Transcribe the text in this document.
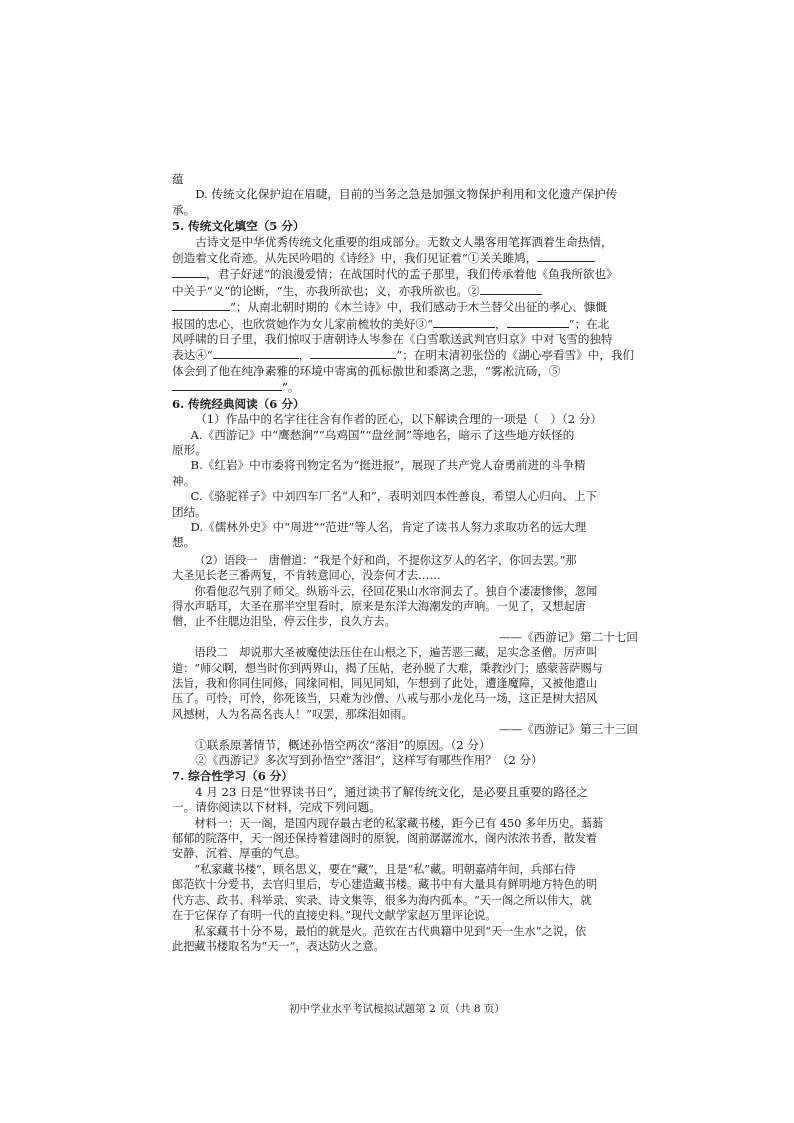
蕴

D. 传统文化保护迫在眉睫，目前的当务之急是加强文物保护利用和文化遗产保护传

承。

5. 传统文化填空（5 分）

古诗文是中华优秀传统文化重要的组成部分。无数文人墨客用笔挥洒着生命热情，

创造着文化奇迹。从先民吟唱的《诗经》中，我们见证着“①关关雎鸠，

，君子好逑”的浪漫爱情；在战国时代的孟子那里，我们传承着他《鱼我所欲也》

中关于“义”的论断，“生，亦我所欲也；义，亦我所欲也。②

”；从南北朝时期的《木兰诗》中，我们感动于木兰替父出征的孝心、慷慨

报国的忠心，也欣赏她作为女儿家前梳妆的美好③“	，	”；在北

风呼啸的日子里，我们惊叹于唐朝诗人岑参在《白雪歌送武判官归京》中对飞雪的独特

表达④“	，	”；在明末清初张岱的《湖心亭看雪》中，我们

体会到了他在纯净素雅的环境中寄寓的孤标傲世和黍离之悲，“雾凇沆砀，⑤

”。

6. 传统经典阅读（6 分）

（1）作品中的名字往往含有作者的匠心，以下解读合理的一项是（　）（2 分）

A.《西游记》中“鹰愁涧”“乌鸡国”“盘丝洞”等地名，暗示了这些地方妖怪的

原形。

B.《红岩》中市委将刊物定名为“挺进报”，展现了共产党人奋勇前进的斗争精

神。

C.《骆驼祥子》中刘四车厂名“人和”，表明刘四本性善良，希望人心归向、上下

团结。

D.《儒林外史》中“周进”“范进”等人名，肯定了读书人努力求取功名的远大理

想。

（2）语段一　唐僧道：“我是个好和尚，不提你这歹人的名字，你回去罢。”那

大圣见长老三番两复，不肯转意回心，没奈何才去……

你看他忍气别了师父。纵筋斗云，径回花果山水帘洞去了。独自个凄凄惨惨，忽闻

得水声聒耳，大圣在那半空里看时，原来是东洋大海潮发的声响。一见了，又想起唐

僧，止不住腮边泪坠，停云住步，良久方去。

——《西游记》第二十七回

语段二　却说那大圣被魔使法压住在山根之下，遍苦恶三藏，足实念圣僧。厉声叫

道：“师父啊，想当时你到两界山，揭了压帖，老孙脱了大难，秉教沙门；感蒙菩萨赐与

法旨，我和你同住同修，同缘同相，同见同知，乍想到了此处，遭逢魔障，又被他遣山

压了。可怜，可怜，你死该当，只难为沙僧、八戒与那小龙化马一场，这正是树大招风

风撼树，人为名高名丧人！”叹罢，那珠泪如雨。

——《西游记》第三十三回

①联系原著情节，概述孙悟空两次“落泪”的原因。（2 分）

②《西游记》多次写到孙悟空“落泪”，这样写有哪些作用？（2 分）

7. 综合性学习（6 分）

4 月 23 日是“世界读书日”，通过读书了解传统文化，是必要且重要的路径之

一。请你阅读以下材料，完成下列问题。

材料一：天一阁，是国内现存最古老的私家藏书楼，距今已有 450 多年历史。蓊蓊

郁郁的院落中，天一阁还保持着建阁时的原貌，阁前潺潺流水，阁内浓浓书香，散发着

安静、沉着、厚重的气息。

“私家藏书楼”，顾名思义，要在“藏”，且是“私”藏。明朝嘉靖年间，兵部右侍

郎范钦十分爱书，去官归里后，专心建造藏书楼。藏书中有大量具有鲜明地方特色的明

代方志、政书、科举录、实录、诗文集等，很多为海内孤本。“天一阁之所以伟大，就

在于它保存了有明一代的直接史料。”现代文献学家赵万里评论说。

私家藏书十分不易，最怕的就是火。范钦在古代典籍中见到“天一生水”之说，依

此把藏书楼取名为“天一”，表达防火之意。

初中学业水平考试模拟试题第 2 页（共 8 页）
